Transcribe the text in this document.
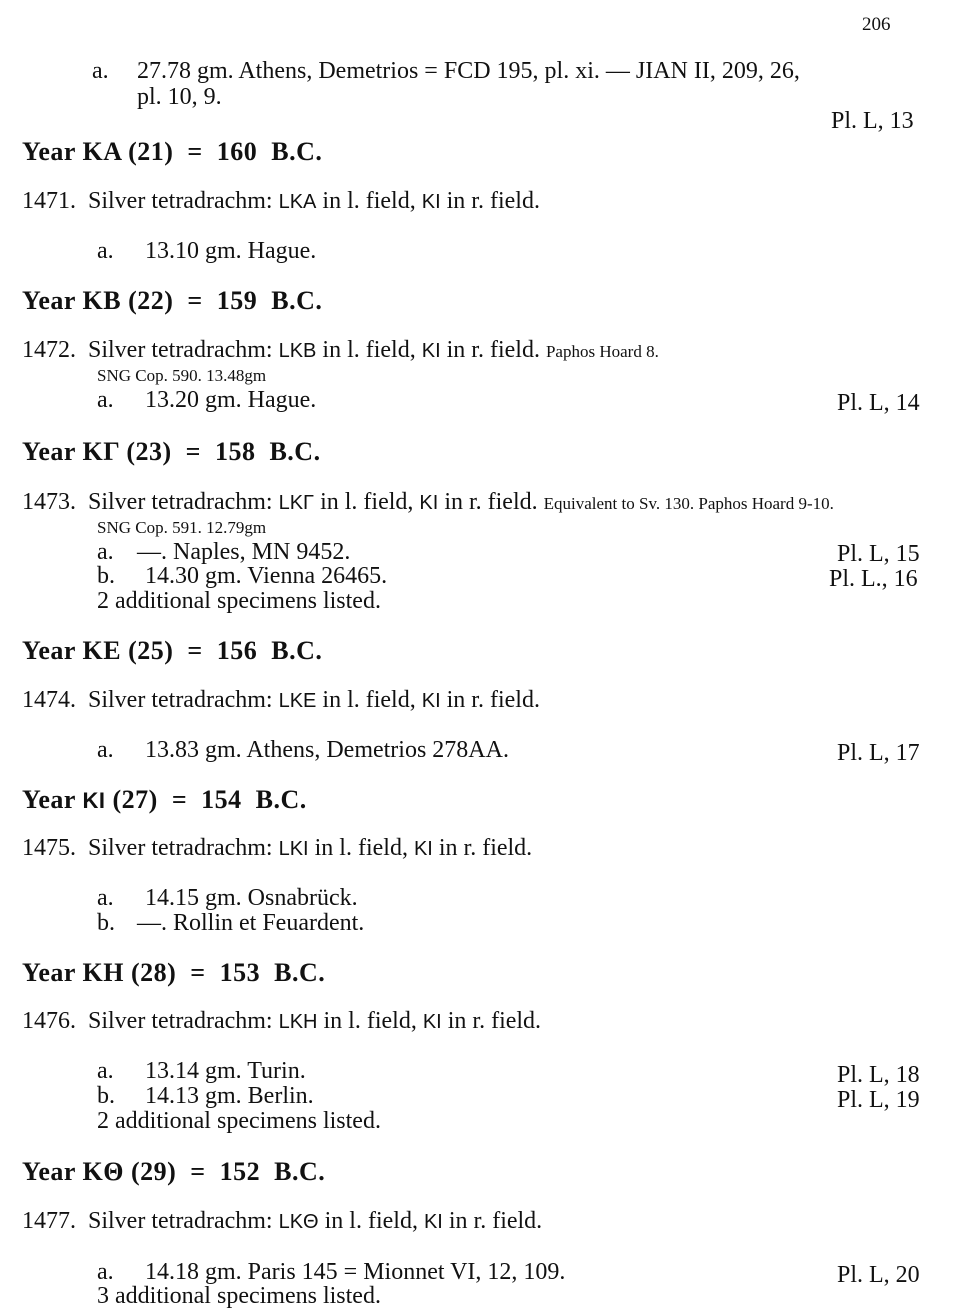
206
a. 27.78 gm. Athens, Demetrios = FCD 195, pl. xi. — JIAN II, 209, 26,
pl. 10, 9.
Pl. L, 13
Year KA (21)  =  160  B.C.
1471. Silver tetradrachm: LKA in l. field, KI in r. field.
a. 13.10 gm. Hague.
Year KB (22)  =  159  B.C.
1472. Silver tetradrachm: LKB in l. field, KI in r. field. Paphos Hoard 8.
SNG Cop. 590. 13.48gm
a. 13.20 gm. Hague.	Pl. L, 14
Year KΓ (23)  =  158  B.C.
1473. Silver tetradrachm: LKΓ in l. field, KI in r. field. Equivalent to Sv. 130. Paphos Hoard 9-10.
SNG Cop. 591. 12.79gm
a. —. Naples, MN 9452.	Pl. L, 15
b. 14.30 gm. Vienna 26465.	Pl. L., 16
2 additional specimens listed.
Year KE (25)  =  156  B.C.
1474. Silver tetradrachm: LKE in l. field, KI in r. field.
a. 13.83 gm. Athens, Demetrios 278AA.	Pl. L, 17
Year KΙ (27)  =  154  B.C.
1475. Silver tetradrachm: LKΙ in l. field, KI in r. field.
a. 14.15 gm. Osnabrück.
b. —. Rollin et Feuardent.
Year KH (28)  =  153  B.C.
1476. Silver tetradrachm: LKH in l. field, KI in r. field.
a. 13.14 gm. Turin.	Pl. L, 18
b. 14.13 gm. Berlin.	Pl. L, 19
2 additional specimens listed.
Year KΘ (29)  =  152  B.C.
1477. Silver tetradrachm: LKΘ in l. field, KI in r. field.
a. 14.18 gm. Paris 145 = Mionnet VI, 12, 109.	Pl. L, 20
3 additional specimens listed.
